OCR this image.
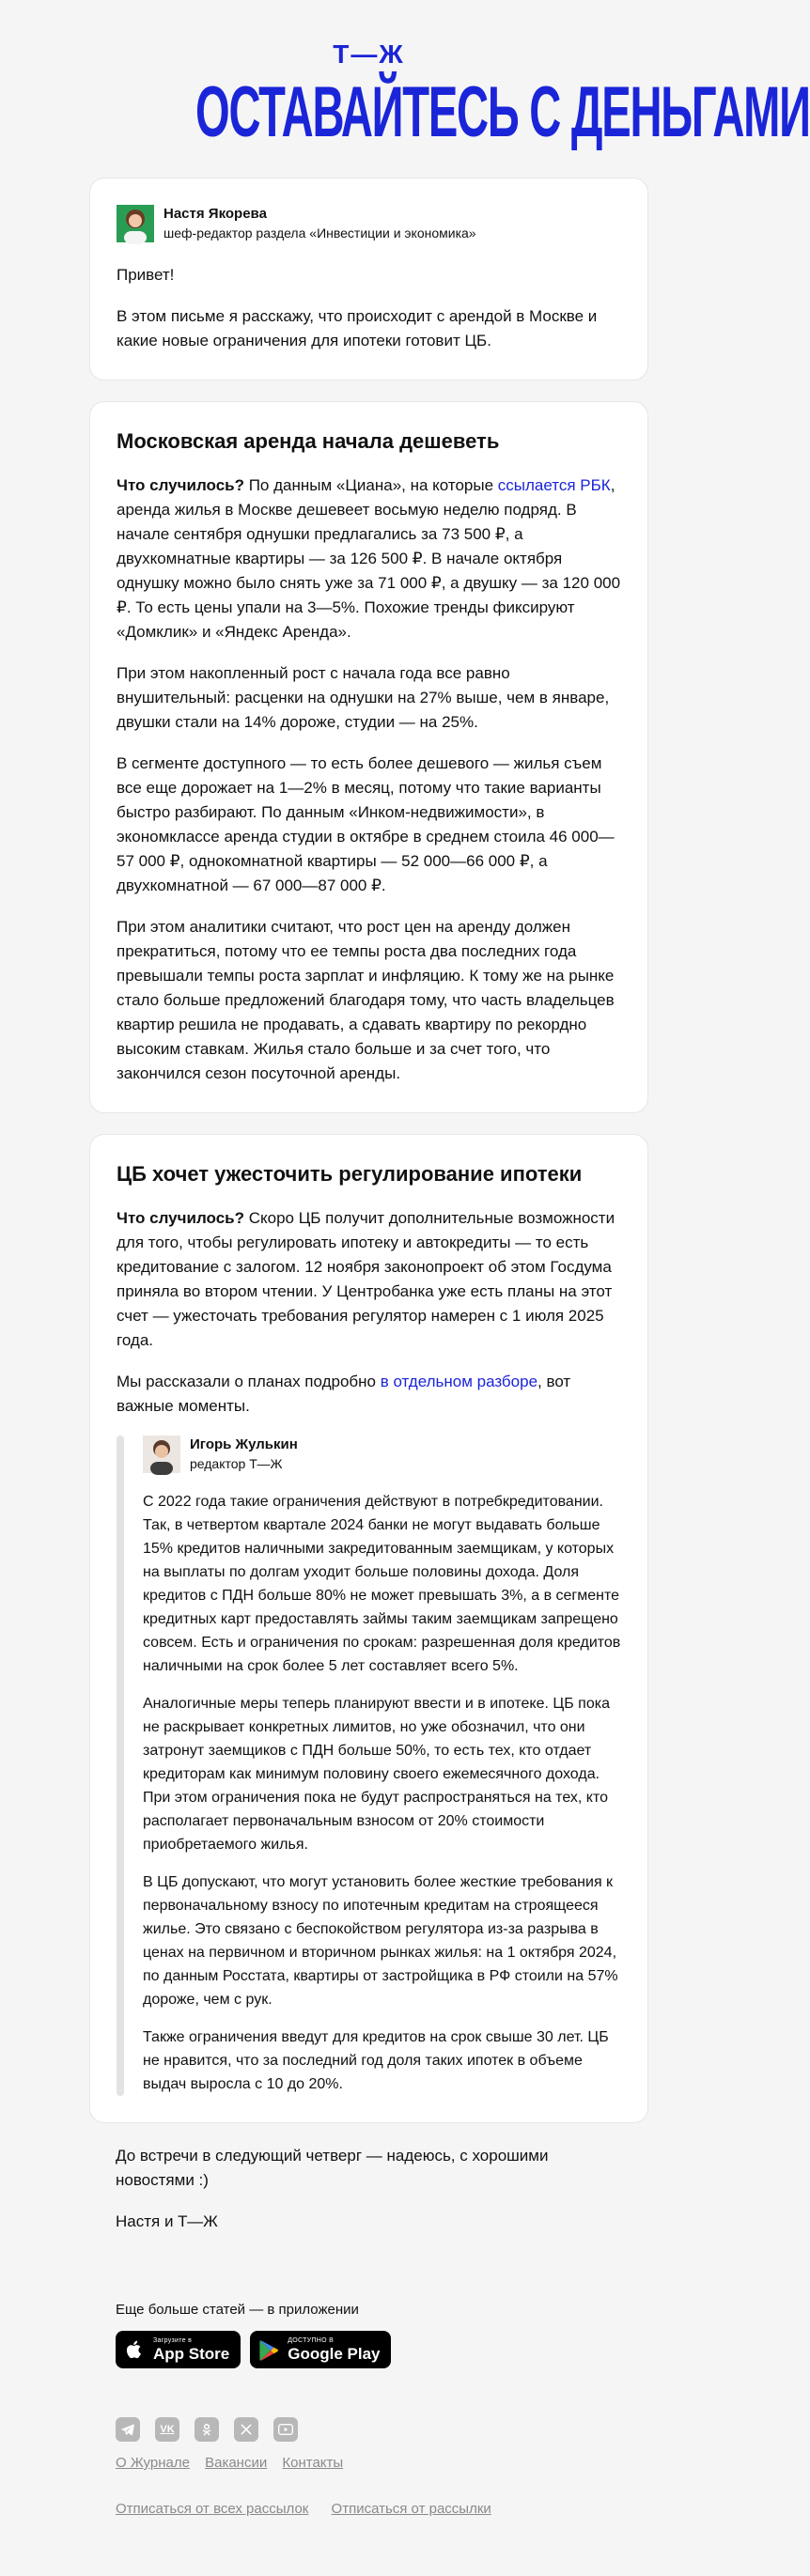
Т—Ж
ОСТАВАЙТЕСЬ С ДЕНЬГАМИ
Настя Якорева
шеф-редактор раздела «Инвестиции и экономика»

Привет!

В этом письме я расскажу, что происходит с арендой в Москве и какие новые ограничения для ипотеки готовит ЦБ.

Московская аренда начала дешеветь

Что случилось? По данным «Циана», на которые ссылается РБК, аренда жилья в Москве дешевеет восьмую неделю подряд. В начале сентября однушки предлагались за 73 500 ₽, а двухкомнатные квартиры — за 126 500 ₽. В начале октября однушку можно было снять уже за 71 000 ₽, а двушку — за 120 000 ₽. То есть цены упали на 3—5%. Похожие тренды фиксируют «Домклик» и «Яндекс Аренда».

При этом накопленный рост с начала года все равно внушительный: расценки на однушки на 27% выше, чем в январе, двушки стали на 14% дороже, студии — на 25%.

В сегменте доступного — то есть более дешевого — жилья съем все еще дорожает на 1—2% в месяц, потому что такие варианты быстро разбирают. По данным «Инком-недвижимости», в экономклассе аренда студии в октябре в среднем стоила 46 000—57 000 ₽, однокомнатной квартиры — 52 000—66 000 ₽, а двухкомнатной — 67 000—87 000 ₽.

При этом аналитики считают, что рост цен на аренду должен прекратиться, потому что ее темпы роста два последних года превышали темпы роста зарплат и инфляцию. К тому же на рынке стало больше предложений благодаря тому, что часть владельцев квартир решила не продавать, а сдавать квартиру по рекордно высоким ставкам. Жилья стало больше и за счет того, что закончился сезон посуточной аренды.

ЦБ хочет ужесточить регулирование ипотеки

Что случилось? Скоро ЦБ получит дополнительные возможности для того, чтобы регулировать ипотеку и автокредиты — то есть кредитование с залогом. 12 ноября законопроект об этом Госдума приняла во втором чтении. У Центробанка уже есть планы на этот счет — ужесточать требования регулятор намерен с 1 июля 2025 года.

Мы рассказали о планах подробно в отдельном разборе, вот важные моменты.

Игорь Жулькин
редактор Т—Ж

С 2022 года такие ограничения действуют в потребкредитовании. Так, в четвертом квартале 2024 банки не могут выдавать больше 15% кредитов наличными закредитованным заемщикам, у которых на выплаты по долгам уходит больше половины дохода. Доля кредитов с ПДН больше 80% не может превышать 3%, а в сегменте кредитных карт предоставлять займы таким заемщикам запрещено совсем. Есть и ограничения по срокам: разрешенная доля кредитов наличными на срок более 5 лет составляет всего 5%.

Аналогичные меры теперь планируют ввести и в ипотеке. ЦБ пока не раскрывает конкретных лимитов, но уже обозначил, что они затронут заемщиков с ПДН больше 50%, то есть тех, кто отдает кредиторам как минимум половину своего ежемесячного дохода. При этом ограничения пока не будут распространяться на тех, кто располагает первоначальным взносом от 20% стоимости приобретаемого жилья.

В ЦБ допускают, что могут установить более жесткие требования к первоначальному взносу по ипотечным кредитам на строящееся жилье. Это связано с беспокойством регулятора из-за разрыва в ценах на первичном и вторичном рынках жилья: на 1 октября 2024, по данным Росстата, квартиры от застройщика в РФ стоили на 57% дороже, чем с рук.

Также ограничения введут для кредитов на срок свыше 30 лет. ЦБ не нравится, что за последний год доля таких ипотек в объеме выдач выросла с 10 до 20%.

До встречи в следующий четверг — надеюсь, с хорошими новостями :)

Настя и Т—Ж

Еще больше статей — в приложении
Загрузите в
App Store
ДОСТУПНО В
Google Play
VK
О Журнале Вакансии Контакты
Отписаться от всех рассылок Отписаться от рассылки
